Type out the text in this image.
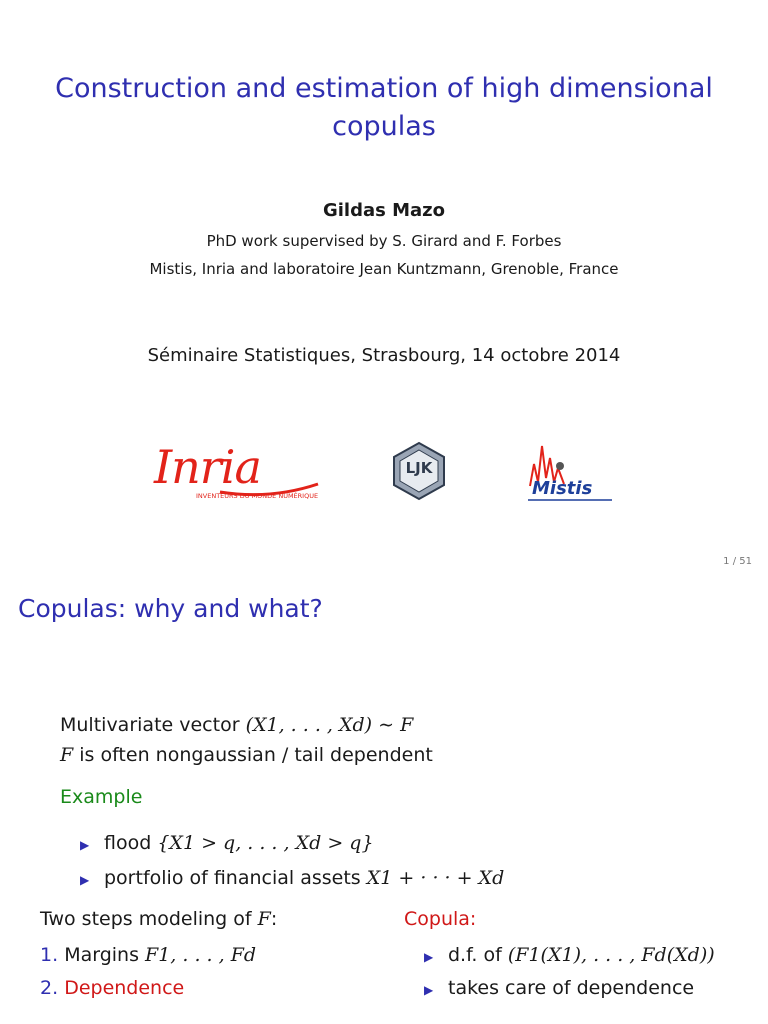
Construction and estimation of high dimensional
copulas
Gildas Mazo
PhD work supervised by S. Girard and F. Forbes
Mistis, Inria and laboratoire Jean Kuntzmann, Grenoble, France
Séminaire Statistiques, Strasbourg, 14 octobre 2014
Inria
INVENTEURS DU MONDE NUMÉRIQUE
LJK
Mistis
1 / 51
Copulas: why and what?
Multivariate vector (X1, . . . , Xd) ∼ F
F is often nongaussian / tail dependent
Example
▶ flood {X1 > q, . . . , Xd > q}
▶ portfolio of financial assets X1 + · · · + Xd
Two steps modeling of F:
1. Margins F1, . . . , Fd
2. Dependence
Copula:
▶ d.f. of (F1(X1), . . . , Fd(Xd))
▶ takes care of dependence
